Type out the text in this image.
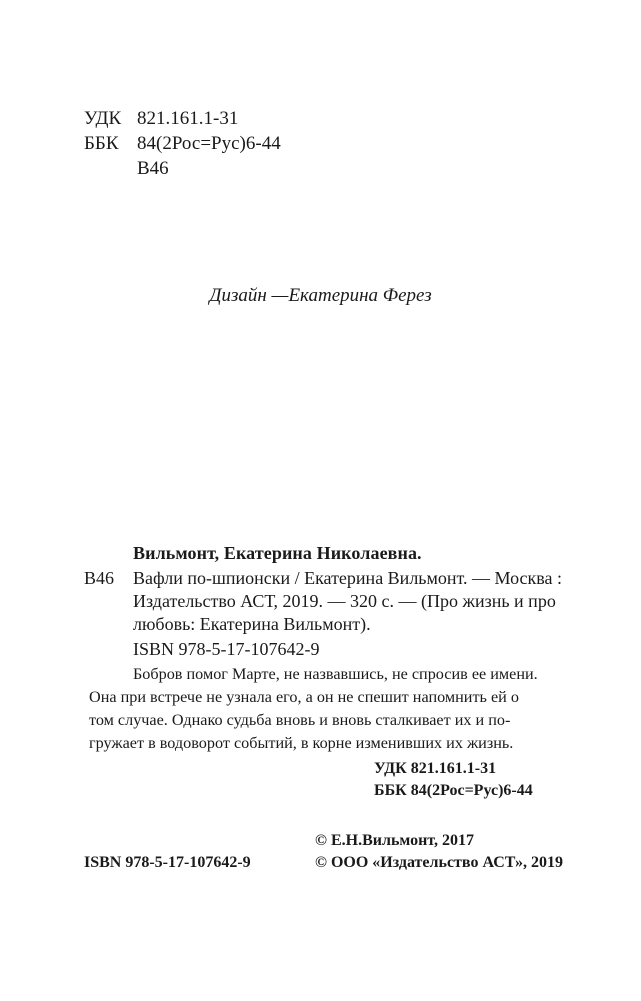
УДК 821.161.1-31
ББК 84(2Рос=Рус)6-44
В46
Дизайн —Екатерина Ферез
Вильмонт, Екатерина Николаевна.
В46 Вафли по-шпионски / Екатерина Вильмонт. — Москва :
Издательство АСТ, 2019. — 320 с. — (Про жизнь и про
любовь: Екатерина Вильмонт).
ISBN 978-5-17-107642-9
Бобров помог Марте, не назвавшись, не спросив ее имени.
Она при встрече не узнала его, а он не спешит напомнить ей о
том случае. Однако судьба вновь и вновь сталкивает их и по-
гружает в водоворот событий, в корне изменивших их жизнь.
УДК 821.161.1-31
ББК 84(2Рос=Рус)6-44
© Е.Н.Вильмонт, 2017
ISBN 978-5-17-107642-9	© ООО «Издательство АСТ», 2019
